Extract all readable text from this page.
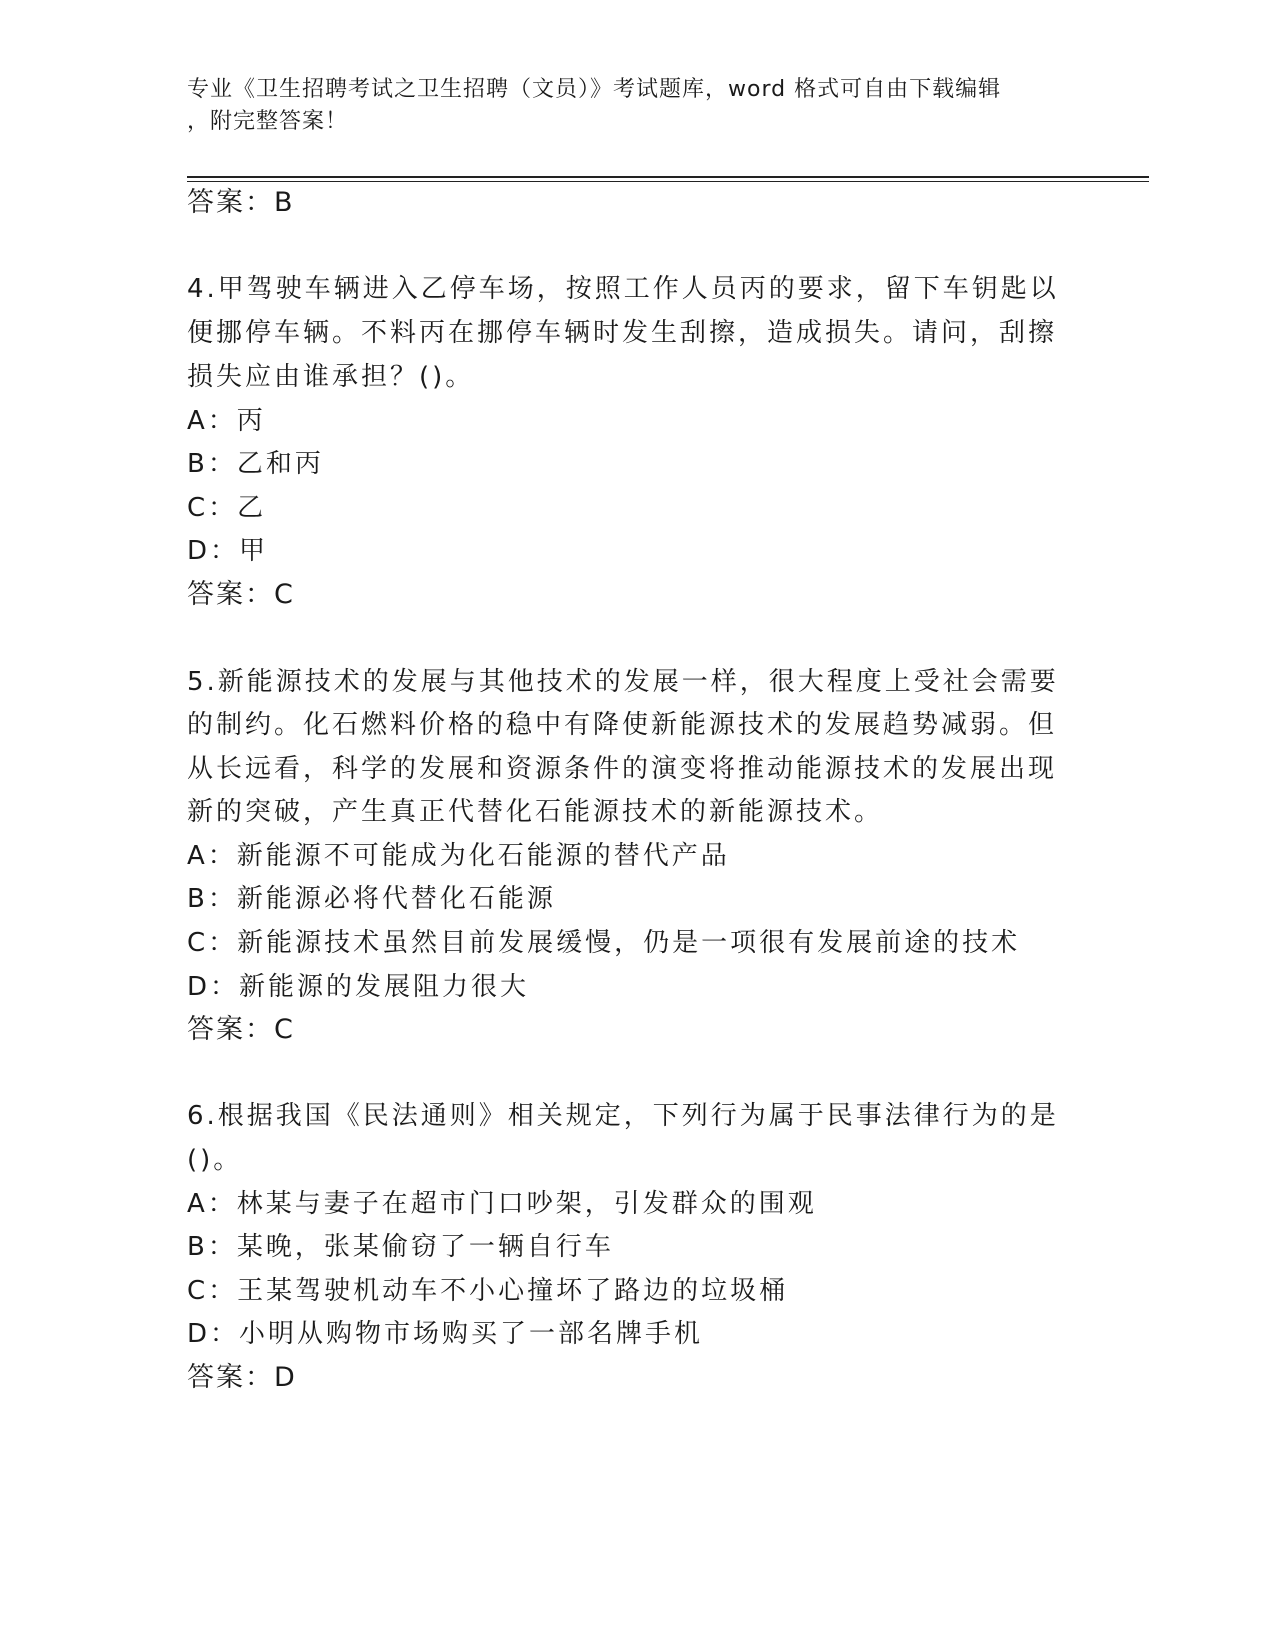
专业《卫生招聘考试之卫生招聘（文员）》考试题库，word 格式可自由下载编辑
，附完整答案！
答案：B
4.甲驾驶车辆进入乙停车场，按照工作人员丙的要求，留下车钥匙以
便挪停车辆。不料丙在挪停车辆时发生刮擦，造成损失。请问，刮擦
损失应由谁承担？()。
A：丙
B：乙和丙
C：乙
D：甲
答案：C
5.新能源技术的发展与其他技术的发展一样，很大程度上受社会需要
的制约。化石燃料价格的稳中有降使新能源技术的发展趋势减弱。但
从长远看，科学的发展和资源条件的演变将推动能源技术的发展出现
新的突破，产生真正代替化石能源技术的新能源技术。
A：新能源不可能成为化石能源的替代产品
B：新能源必将代替化石能源
C：新能源技术虽然目前发展缓慢，仍是一项很有发展前途的技术
D：新能源的发展阻力很大
答案：C
6.根据我国《民法通则》相关规定，下列行为属于民事法律行为的是
()。
A：林某与妻子在超市门口吵架，引发群众的围观
B：某晚，张某偷窃了一辆自行车
C：王某驾驶机动车不小心撞坏了路边的垃圾桶
D：小明从购物市场购买了一部名牌手机
答案：D
